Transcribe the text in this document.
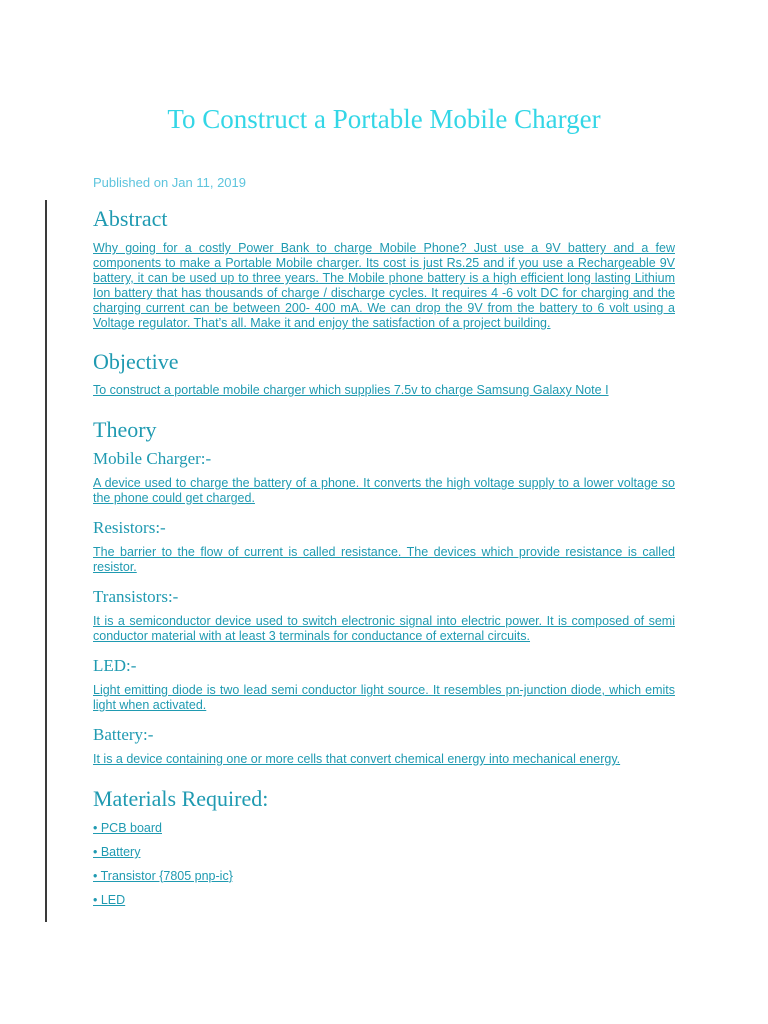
To Construct a Portable Mobile Charger
Published on Jan 11, 2019
Abstract

Why going for a costly Power Bank to charge Mobile Phone? Just use a 9V battery and a few components to make a Portable Mobile charger. Its cost is just Rs.25 and if you use a Rechargeable 9V battery, it can be used up to three years. The Mobile phone battery is a high efficient long lasting Lithium Ion battery that has thousands of charge / discharge cycles. It requires 4 -6 volt DC for charging and the charging current can be between 200- 400 mA. We can drop the 9V from the battery to 6 volt using a Voltage regulator. That’s all. Make it and enjoy the satisfaction of a project building.

Objective

To construct a portable mobile charger which supplies 7.5v to charge Samsung Galaxy Note I

Theory
Mobile Charger:-

A device used to charge the battery of a phone. It converts the high voltage supply to a lower voltage so the phone could get charged.

Resistors:-

The barrier to the flow of current is called resistance. The devices which provide resistance is called resistor.

Transistors:-

It is a semiconductor device used to switch electronic signal into electric power. It is composed of semi conductor material with at least 3 terminals for conductance of external circuits.

LED:-

Light emitting diode is two lead semi conductor light source. It resembles pn-junction diode, which emits light when activated.

Battery:-

It is a device containing one or more cells that convert chemical energy into mechanical energy.

Materials Required:

• PCB board

• Battery

• Transistor {7805 pnp-ic}

• LED
